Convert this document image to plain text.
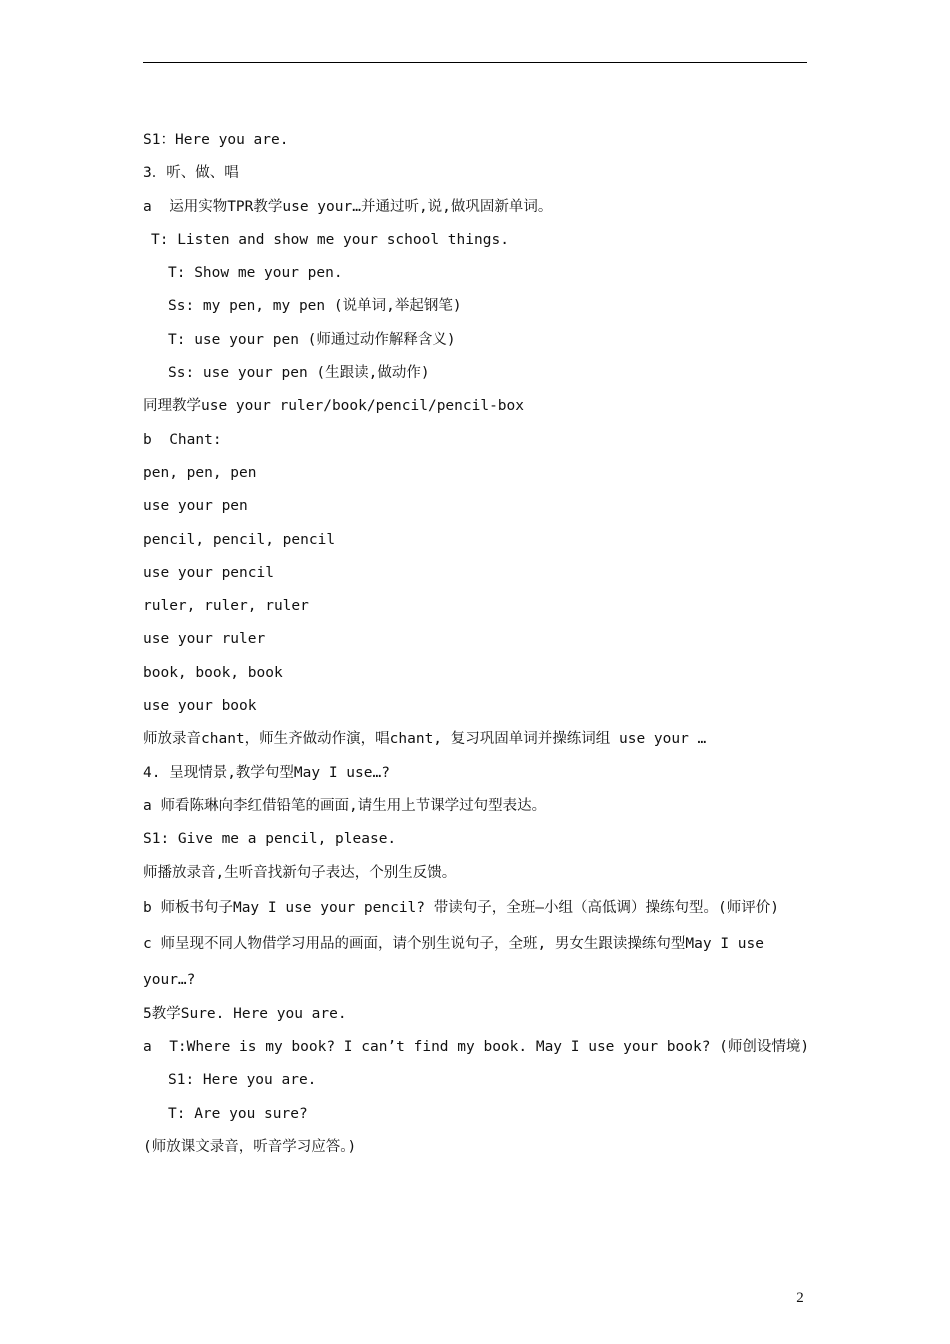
S1：Here you are.
3．听、做、唱
a  运用实物TPR教学use your…并通过听,说,做巩固新单词。
T: Listen and show me your school things.
T: Show me your pen.
Ss: my pen, my pen (说单词,举起钢笔)
T: use your pen (师通过动作解释含义)
Ss: use your pen (生跟读,做动作)
同理教学use your ruler/book/pencil/pencil-box
b  Chant:
pen, pen, pen
use your pen
pencil, pencil, pencil
use your pencil
ruler, ruler, ruler
use your ruler
book, book, book
use your book
师放录音chant，师生齐做动作演，唱chant, 复习巩固单词并操练词组 use your …
4. 呈现情景,教学句型May I use…?
a 师看陈琳向李红借铅笔的画面,请生用上节课学过句型表达。
S1: Give me a pencil, please.
师播放录音,生听音找新句子表达，个别生反馈。
b 师板书句子May I use your pencil? 带读句子，全班—小组（高低调）操练句型。(师评价)
c 师呈现不同人物借学习用品的画面，请个别生说句子，全班, 男女生跟读操练句型May I use your…?
5教学Sure. Here you are.
a  T:Where is my book? I can’t find my book. May I use your book? (师创设情境)
S1: Here you are.
T: Are you sure?
(师放课文录音，听音学习应答。)
2
